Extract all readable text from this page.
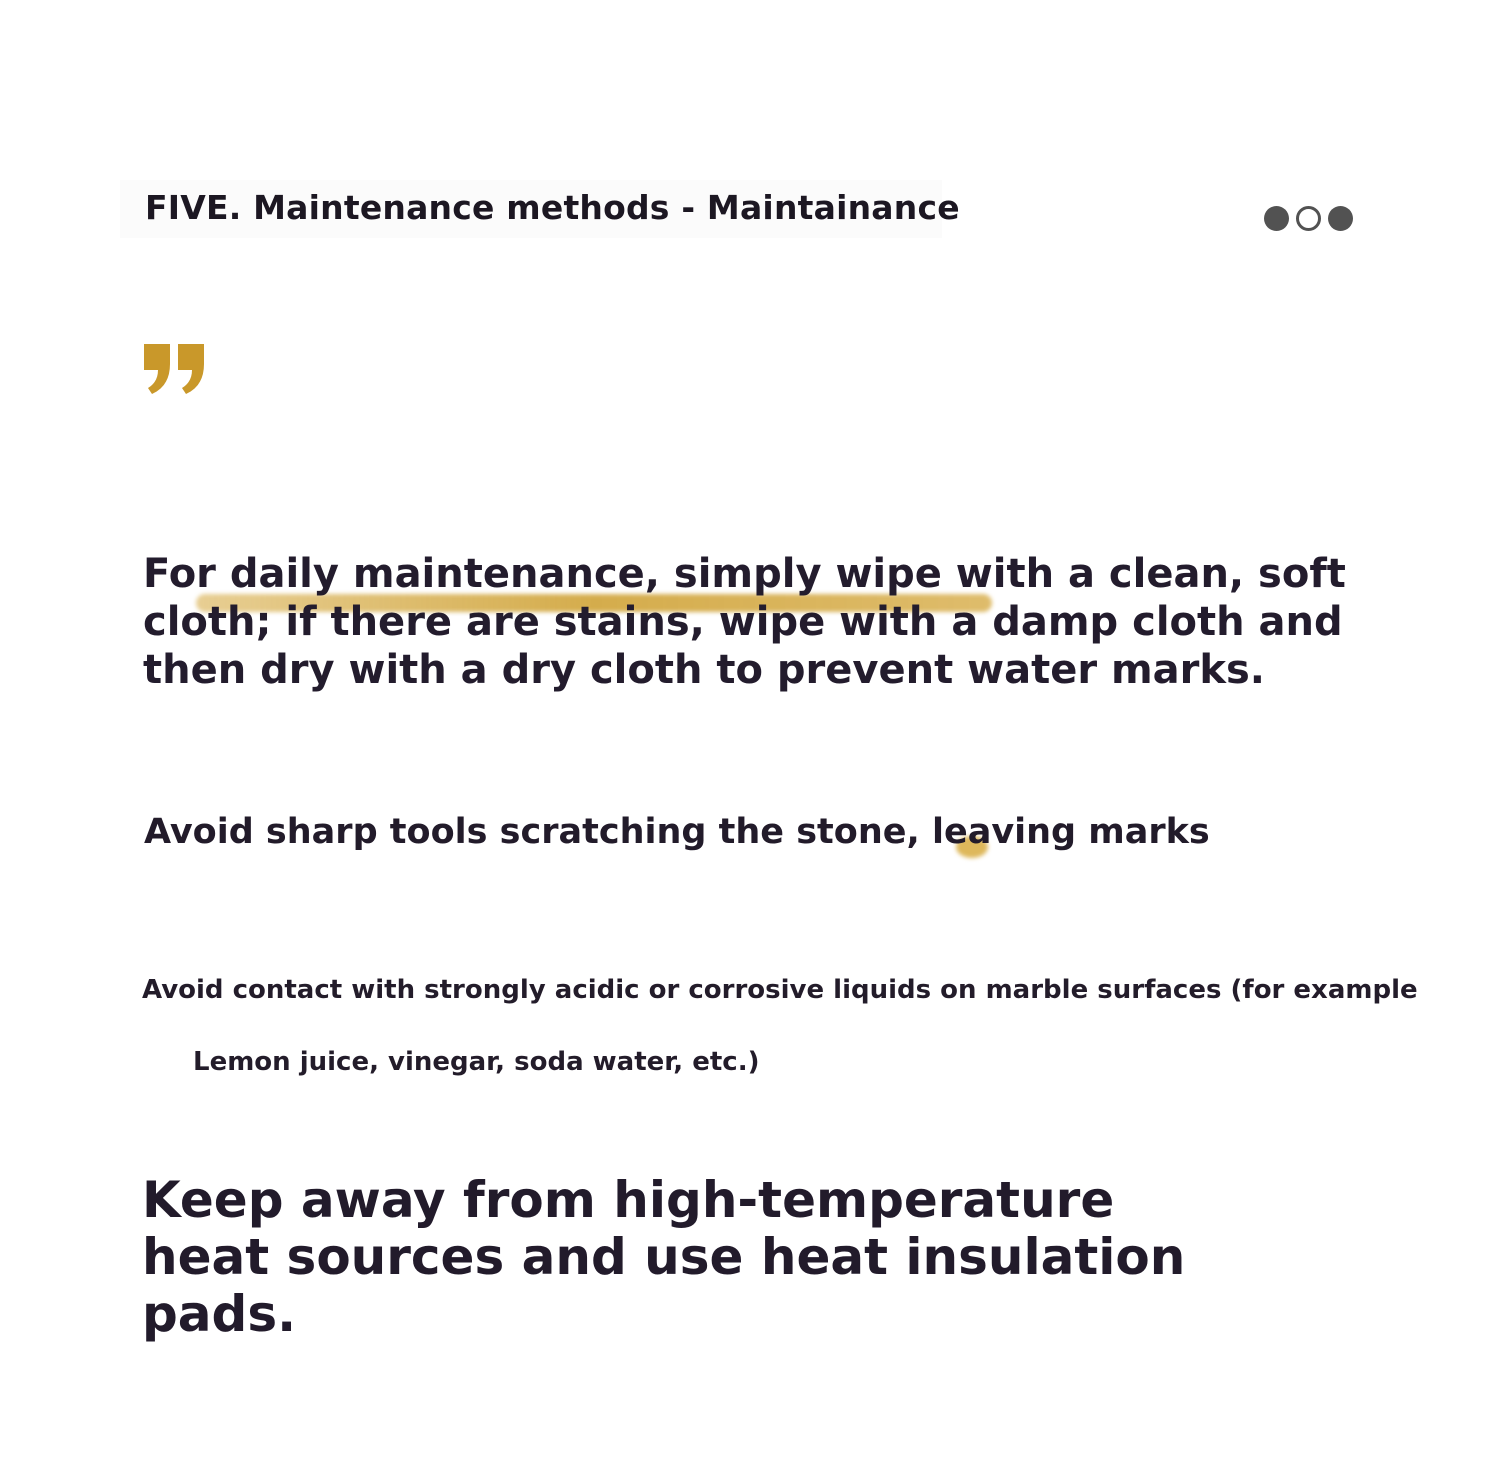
FIVE. Maintenance methods - Maintainance
For daily maintenance, simply wipe with a clean, soft cloth; if there are stains, wipe with a damp cloth and then dry with a dry cloth to prevent water marks.
Avoid sharp tools scratching the stone, leaving marks
Avoid contact with strongly acidic or corrosive liquids on marble surfaces (for example
Lemon juice, vinegar, soda water, etc.)
Keep away from high-temperature heat sources and use heat insulation pads.
